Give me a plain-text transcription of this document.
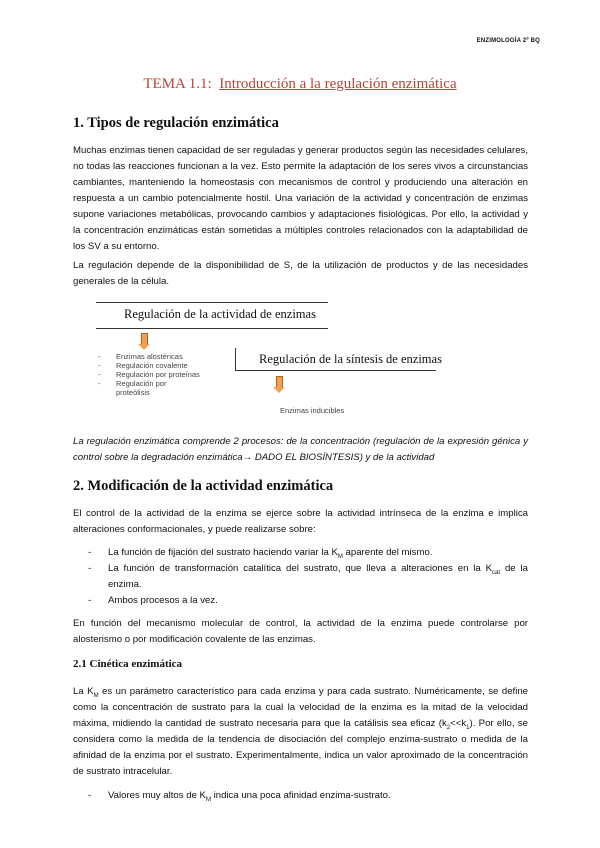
ENZIMOLOGÍA 2º BQ
TEMA 1.1: Introducción a la regulación enzimática
1. Tipos de regulación enzimática
Muchas enzimas tienen capacidad de ser reguladas y generar productos según las necesidades celulares, no todas las reacciones funcionan a la vez. Esto permite la adaptación de los seres vivos a circunstancias cambiantes, manteniendo la homeostasis con mecanismos de control y produciendo una alteración en respuesta a un cambio potencialmente hostil. Una variación de la actividad y concentración de enzimas supone variaciones metabólicas, provocando cambios y adaptaciones fisiológicas. Por ello, la actividad y la concentración enzimáticas están sometidas a múltiples controles relacionados con la adaptabilidad de los SV a su entorno.
La regulación depende de la disponibilidad de S, de la utilización de productos y de las necesidades generales de la célula.
Regulación de la actividad de enzimas
- Enzimas alostéricas
- Regulación covalente
- Regulación por proteínas
- Regulación por proteólisis
Regulación de la síntesis de enzimas
Enzimas inducibles
La regulación enzimática comprende 2 procesos: de la concentración (regulación de la expresión génica y control sobre la degradación enzimática→ DADO EL BIOSÍNTESIS) y de la actividad
2. Modificación de la actividad enzimática
El control de la actividad de la enzima se ejerce sobre la actividad intrínseca de la enzima e implica alteraciones conformacionales, y puede realizarse sobre:
- La función de fijación del sustrato haciendo variar la $K_M$ aparente del mismo.
- La función de transformación catalítica del sustrato, que lleva a alteraciones en la $K_{cat}$ de la enzima.
- Ambos procesos a la vez.
En función del mecanismo molecular de control, la actividad de la enzima puede controlarse por alosterismo o por modificación covalente de las enzimas.
2.1 Cinética enzimática
La $K_M$ es un parámetro característico para cada enzima y para cada sustrato. Numéricamente, se define como la concentración de sustrato para la cual la velocidad de la enzima es la mitad de la velocidad máxima, midiendo la cantidad de sustrato necesaria para que la catálisis sea eficaz $(k_2<<k_1)$. Por ello, se considera como la medida de la tendencia de disociación del complejo enzima-sustrato o medida de la afinidad de la enzima por el sustrato. Experimentalmente, indica un valor aproximado de la concentración de sustrato intracelular.
- Valores muy altos de $K_M$ indica una poca afinidad enzima-sustrato.
